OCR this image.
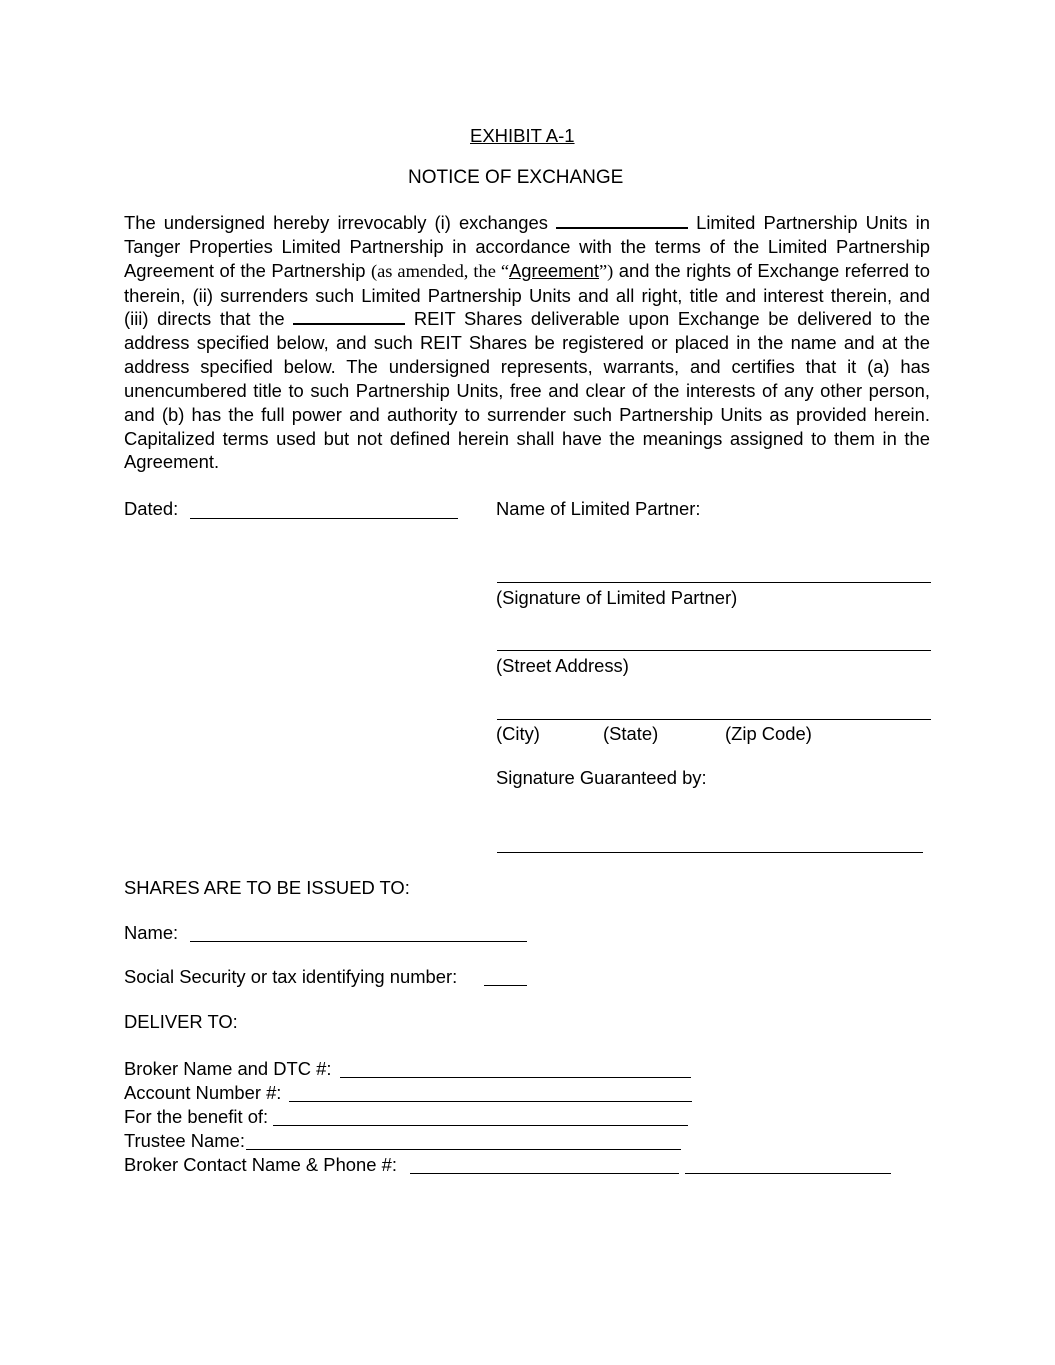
EXHIBIT A-1
NOTICE OF EXCHANGE
The undersigned hereby irrevocably (i) exchanges	Limited Partnership Units in Tanger Properties Limited Partnership in accordance with the terms of the Limited Partnership Agreement of the Partnership (as amended, the “Agreement”) and the rights of Exchange referred to therein, (ii) surrenders such Limited Partnership Units and all right, title and interest therein, and (iii) directs that the	REIT Shares deliverable upon Exchange be delivered to the address specified below, and such REIT Shares be registered or placed in the name and at the address specified below. The undersigned represents, warrants, and certifies that it (a) has unencumbered title to such Partnership Units, free and clear of the interests of any other person, and (b) has the full power and authority to surrender such Partnership Units as provided herein. Capitalized terms used but not defined herein shall have the meanings assigned to them in the Agreement.
Dated:	Name of Limited Partner:
(Signature of Limited Partner)
(Street Address)
(City)	(State)	(Zip Code)
Signature Guaranteed by:
SHARES ARE TO BE ISSUED TO:
Name:
Social Security or tax identifying number:
DELIVER TO:
Broker Name and DTC #:
Account Number #:
For the benefit of:
Trustee Name:
Broker Contact Name & Phone #:
